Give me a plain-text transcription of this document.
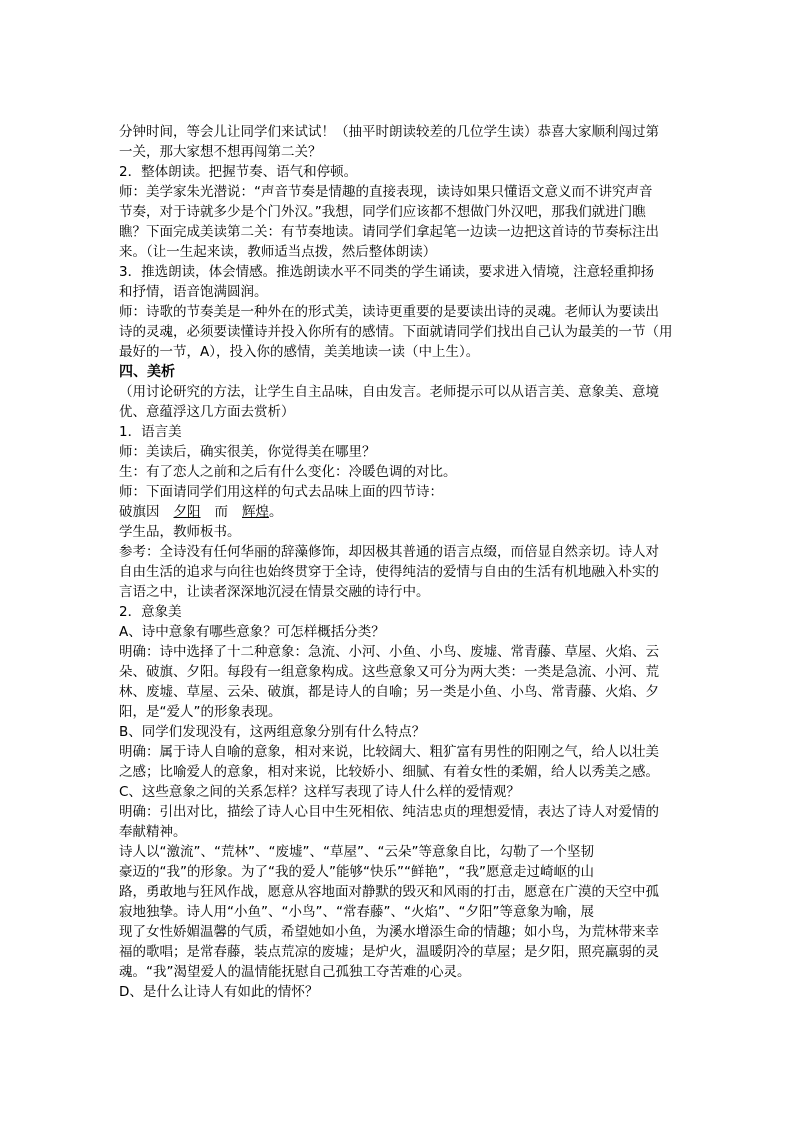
分钟时间，等会儿让同学们来试试！（抽平时朗读较差的几位学生读）恭喜大家顺利闯过第
一关，那大家想不想再闯第二关？
2．整体朗读。把握节奏、语气和停顿。
师：美学家朱光潜说：“声音节奏是情趣的直接表现，读诗如果只懂语文意义而不讲究声音
节奏，对于诗就多少是个门外汉。”我想，同学们应该都不想做门外汉吧，那我们就进门瞧
瞧？下面完成美读第二关：有节奏地读。请同学们拿起笔一边读一边把这首诗的节奏标注出
来。（让一生起来读，教师适当点拨，然后整体朗读）
3．推选朗读，体会情感。推选朗读水平不同类的学生诵读，要求进入情境，注意轻重抑扬
和抒情，语音饱满圆润。
师：诗歌的节奏美是一种外在的形式美，读诗更重要的是要读出诗的灵魂。老师认为要读出
诗的灵魂，必须要读懂诗并投入你所有的感情。下面就请同学们找出自己认为最美的一节（用
最好的一节，A），投入你的感情，美美地读一读（中上生）。
四、美析
（用讨论研究的方法，让学生自主品味，自由发言。老师提示可以从语言美、意象美、意境
优、意蕴浮这几方面去赏析）
1．语言美
师：美读后，确实很美，你觉得美在哪里？
生：有了恋人之前和之后有什么变化：冷暖色调的对比。
师：下面请同学们用这样的句式去品味上面的四节诗：
破旗因 夕阳 而 辉煌。
学生品，教师板书。
参考：全诗没有任何华丽的辞藻修饰，却因极其普通的语言点缀，而倍显自然亲切。诗人对
自由生活的追求与向往也始终贯穿于全诗，使得纯洁的爱情与自由的生活有机地融入朴实的
言语之中，让读者深深地沉浸在情景交融的诗行中。
2．意象美
A、诗中意象有哪些意象？可怎样概括分类？
明确：诗中选择了十二种意象：急流、小河、小鱼、小鸟、废墟、常青藤、草屋、火焰、云
朵、破旗、夕阳。每段有一组意象构成。这些意象又可分为两大类：一类是急流、小河、荒
林、废墟、草屋、云朵、破旗，都是诗人的自喻；另一类是小鱼、小鸟、常青藤、火焰、夕
阳，是“爱人”的形象表现。
B、同学们发现没有，这两组意象分别有什么特点？
明确：属于诗人自喻的意象，相对来说，比较阔大、粗犷富有男性的阳刚之气，给人以壮美
之感；比喻爱人的意象，相对来说，比较娇小、细腻、有着女性的柔媚，给人以秀美之感。
C、这些意象之间的关系怎样？这样写表现了诗人什么样的爱情观？
明确：引出对比，描绘了诗人心目中生死相依、纯洁忠贞的理想爱情，表达了诗人对爱情的
奉献精神。
诗人以“激流”、“荒林”、“废墟”、“草屋”、“云朵”等意象自比，勾勒了一个坚韧
豪迈的“我”的形象。为了“我的爱人”能够“快乐”“鲜艳”，“我”愿意走过崎岖的山
路，勇敢地与狂风作战，愿意从容地面对静默的毁灭和风雨的打击，愿意在广漠的天空中孤
寂地独挚。诗人用“小鱼”、“小鸟”、“常春藤”、“火焰”、“夕阳”等意象为喻，展
现了女性娇媚温馨的气质，希望她如小鱼，为溪水增添生命的情趣；如小鸟，为荒林带来幸
福的歌唱；是常春藤，装点荒凉的废墟；是炉火，温暖阴冷的草屋；是夕阳，照亮羸弱的灵
魂。“我”渴望爱人的温情能抚慰自己孤独工夺苦难的心灵。
D、是什么让诗人有如此的情怀？
